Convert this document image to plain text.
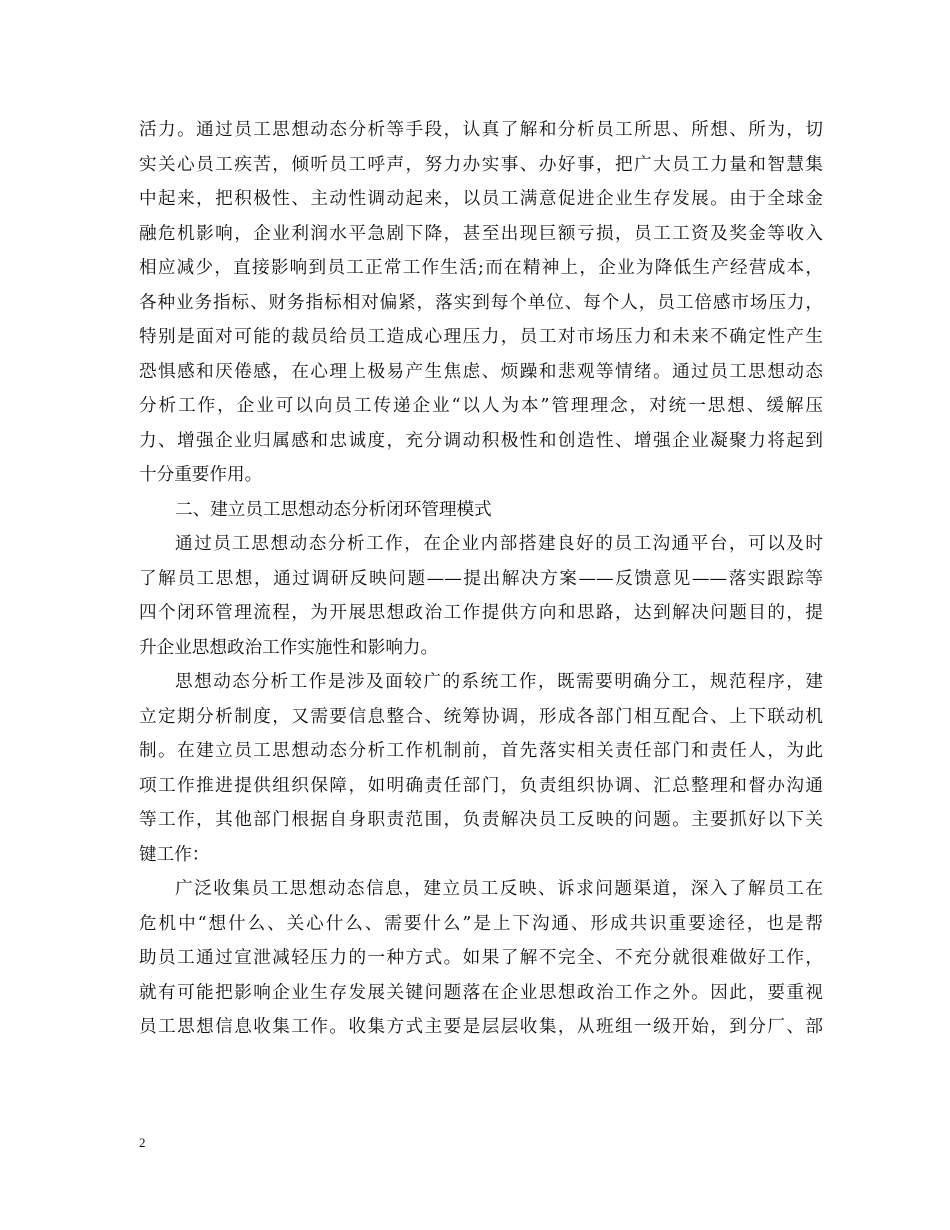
活力。通过员工思想动态分析等手段，认真了解和分析员工所思、所想、所为，切
实关心员工疾苦，倾听员工呼声，努力办实事、办好事，把广大员工力量和智慧集
中起来，把积极性、主动性调动起来，以员工满意促进企业生存发展。由于全球金
融危机影响，企业利润水平急剧下降，甚至出现巨额亏损，员工工资及奖金等收入
相应减少，直接影响到员工正常工作生活;而在精神上，企业为降低生产经营成本，
各种业务指标、财务指标相对偏紧，落实到每个单位、每个人，员工倍感市场压力，
特别是面对可能的裁员给员工造成心理压力，员工对市场压力和未来不确定性产生
恐惧感和厌倦感，在心理上极易产生焦虑、烦躁和悲观等情绪。通过员工思想动态
分析工作，企业可以向员工传递企业“以人为本”管理理念，对统一思想、缓解压
力、增强企业归属感和忠诚度，充分调动积极性和创造性、增强企业凝聚力将起到
十分重要作用。
二、建立员工思想动态分析闭环管理模式
通过员工思想动态分析工作，在企业内部搭建良好的员工沟通平台，可以及时
了解员工思想，通过调研反映问题——提出解决方案——反馈意见——落实跟踪等
四个闭环管理流程，为开展思想政治工作提供方向和思路，达到解决问题目的，提
升企业思想政治工作实施性和影响力。
思想动态分析工作是涉及面较广的系统工作，既需要明确分工，规范程序，建
立定期分析制度，又需要信息整合、统筹协调，形成各部门相互配合、上下联动机
制。在建立员工思想动态分析工作机制前，首先落实相关责任部门和责任人，为此
项工作推进提供组织保障，如明确责任部门，负责组织协调、汇总整理和督办沟通
等工作，其他部门根据自身职责范围，负责解决员工反映的问题。主要抓好以下关
键工作：
广泛收集员工思想动态信息，建立员工反映、诉求问题渠道，深入了解员工在
危机中“想什么、关心什么、需要什么”是上下沟通、形成共识重要途径，也是帮
助员工通过宣泄减轻压力的一种方式。如果了解不完全、不充分就很难做好工作，
就有可能把影响企业生存发展关键问题落在企业思想政治工作之外。因此，要重视
员工思想信息收集工作。收集方式主要是层层收集，从班组一级开始，到分厂、部
2
